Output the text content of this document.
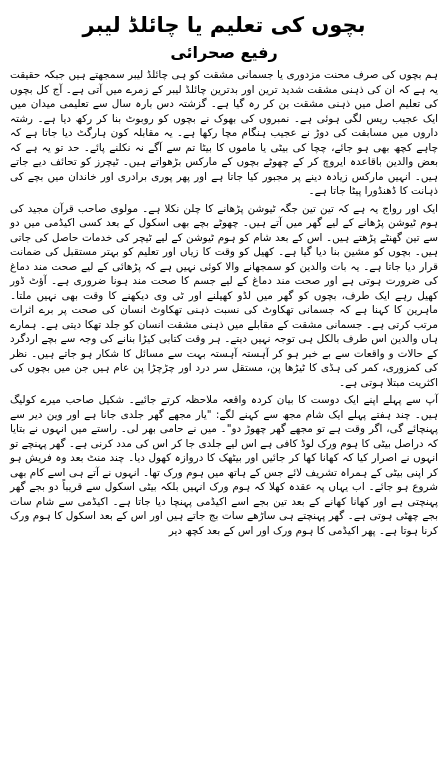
بچوں کی تعلیم یا چائلڈ لیبر
رفیع صحرائی

ہم بچوں کی صرف محنت مزدوری یا جسمانی مشقت کو ہی چائلڈ لیبر سمجھتے ہیں جبکہ حقیقت یہ ہے کہ ان کی ذہنی مشقت شدید ترین اور بدترین چائلڈ لیبر کے زمرے میں آتی ہے۔ آج کل بچوں کی تعلیم اصل میں ذہنی مشقت بن کر رہ گیا ہے۔ گزشتہ دس بارہ سال سے تعلیمی میدان میں ایک عجیب ریس لگی ہوئی ہے۔ نمبروں کی بھوک نے بچوں کو روبوٹ بنا کر رکھ دیا ہے۔ رشتہ داروں میں مسابقت کی دوڑ نے عجیب ہنگام مچا رکھا ہے۔ یہ مقابلہ کون ہارگٹ دیا جاتا ہے کہ چاہے کچھ بھی ہو جائے، چچا کی بیٹی یا ماموں کا بیٹا تم سے آگے نہ نکلنے پائے۔ حد تو یہ ہے کہ بعض والدین باقاعدہ ایروچ کر کے چھوٹے بچوں کے مارکس بڑھواتے ہیں۔ ٹیچرز کو تحائف دیے جاتے ہیں۔ انہیں مارکس زیادہ دینے پر مجبور کیا جاتا ہے اور پھر پوری برادری اور خاندان میں بچے کی ذہانت کا ڈھنڈورا پیٹا جاتا ہے۔

ایک اور رواج یہ ہے کہ تین تین جگہ ٹیوشن پڑھانے کا چلن نکلا ہے۔ مولوی صاحب قرآن مجید کی ہوم ٹیوشن پڑھانے کے لیے گھر میں آتے ہیں۔ چھوٹے بچے بھی اسکول کے بعد کسی اکیڈمی میں دو سے تین گھنٹے پڑھتے ہیں۔ اس کے بعد شام کو ہوم ٹیوشن کے لیے ٹیچر کی خدمات حاصل کی جاتی ہیں۔ بچوں کو مشین بنا دیا گیا ہے۔ کھیل کو وقت کا زیاں اور تعلیم کو بہتر مستقبل کی ضمانت قرار دیا جاتا ہے۔ یہ بات والدین کو سمجھانے والا کوئی نہیں ہے کہ پڑھائی کے لیے صحت مند دماغ کی ضرورت ہوتی ہے اور صحت مند دماغ کے لیے جسم کا صحت مند ہونا ضروری ہے۔ آؤٹ ڈور کھیل رہے ایک طرف، بچوں کو گھر میں لڈو کھیلنے اور ٹی وی دیکھنے کا وقت بھی نہیں ملتا۔ ماہرین کا کہنا ہے کہ جسمانی تھکاوٹ کی نسبت ذہنی تھکاوٹ انسان کی صحت پر برے اثرات مرتب کرتی ہے۔ جسمانی مشقت کے مقابلے میں ذہنی مشقت انسان کو جلد تھکا دیتی ہے۔ ہمارے ہاں والدین اس طرف بالکل ہی توجہ نہیں دیتے۔ ہر وقت کتابی کیڑا بنانے کی وجہ سے بچے اردگرد کے حالات و واقعات سے بے خبر ہو کر آہستہ آہستہ بہت سے مسائل کا شکار ہو جاتے ہیں۔ نظر کی کمزوری، کمر کی ہڈی کا ٹیڑھا پن، مستقل سر درد اور چڑچڑا پن عام ہیں جن میں بچوں کی اکثریت مبتلا ہوتی ہے۔

آپ سے پہلے اپنے ایک دوست کا بیان کردہ واقعہ ملاحظہ کرتے جائیے۔ شکیل صاحب میرے کولیگ ہیں۔ چند ہفتے پہلے ایک شام مجھ سے کہنے لگے: "یار مجھے گھر جلدی جانا ہے اور وین دیر سے پہنچائے گی، اگر وقت ہے تو مجھے گھر چھوڑ دو"۔ میں نے حامی بھر لی۔ راستے میں انہوں نے بتایا کہ دراصل بیٹی کا ہوم ورک لوڈ کافی ہے اس لیے جلدی جا کر اس کی مدد کرنی ہے۔ گھر پہنچے تو انہوں نے اصرار کیا کہ کھانا کھا کر جائیں اور بیٹھک کا دروازہ کھول دیا۔ چند منٹ بعد وہ فریش ہو کر اپنی بیٹی کے ہمراہ تشریف لائے جس کے ہاتھ میں ہوم ورک تھا۔ انہوں نے آتے ہی اسے کام بھی شروع ہو جائے۔ اب یہاں پہ عقدہ کھلا کہ ہوم ورک انہیں بلکہ بیٹی اسکول سے قریباً دو بجے گھر پہنچتی ہے اور کھانا کھانے کے بعد تین بجے اسے اکیڈمی پہنچا دیا جاتا ہے۔ اکیڈمی سے شام سات بجے چھٹی ہوتی ہے۔ گھر پہنچتے ہی ساڑھے سات بج جاتے ہیں اور اس کے بعد اسکول کا ہوم ورک کرنا ہوتا ہے۔ پھر اکیڈمی کا ہوم ورک اور اس کے بعد کچھ دیر
